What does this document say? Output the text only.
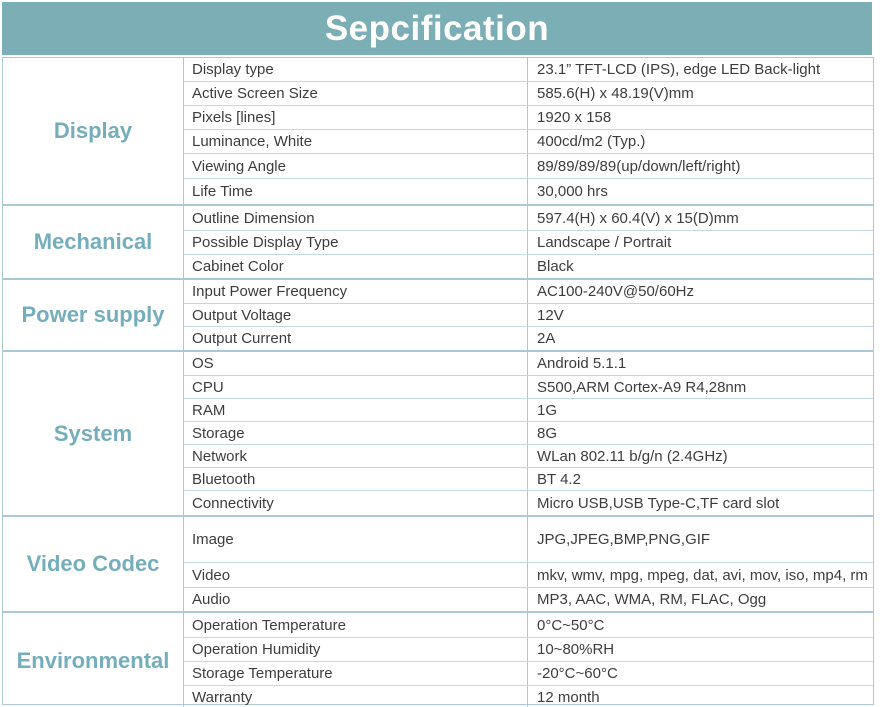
Sepcification
Display
Display type	23.1” TFT-LCD (IPS), edge LED Back-light
Active Screen Size	585.6(H) x 48.19(V)mm
Pixels [lines]	1920 x 158
Luminance, White	400cd/m2 (Typ.)
Viewing Angle	89/89/89/89(up/down/left/right)
Life Time	30,000 hrs
Mechanical
Outline Dimension	597.4(H) x 60.4(V) x 15(D)mm
Possible Display Type	Landscape / Portrait
Cabinet Color	Black
Power supply
Input Power Frequency	AC100-240V@50/60Hz
Output Voltage	12V
Output Current	2A
System
OS	Android 5.1.1
CPU	S500,ARM Cortex-A9 R4,28nm
RAM	1G
Storage	8G
Network	WLan 802.11 b/g/n (2.4GHz)
Bluetooth	BT 4.2
Connectivity	Micro USB,USB Type-C,TF card slot
Video Codec
Image	JPG,JPEG,BMP,PNG,GIF
Video	mkv, wmv, mpg, mpeg, dat, avi, mov, iso, mp4, rm
Audio	MP3, AAC, WMA, RM, FLAC, Ogg
Environmental
Operation Temperature	0°C~50°C
Operation Humidity	10~80%RH
Storage Temperature	-20°C~60°C
Warranty	12 month
